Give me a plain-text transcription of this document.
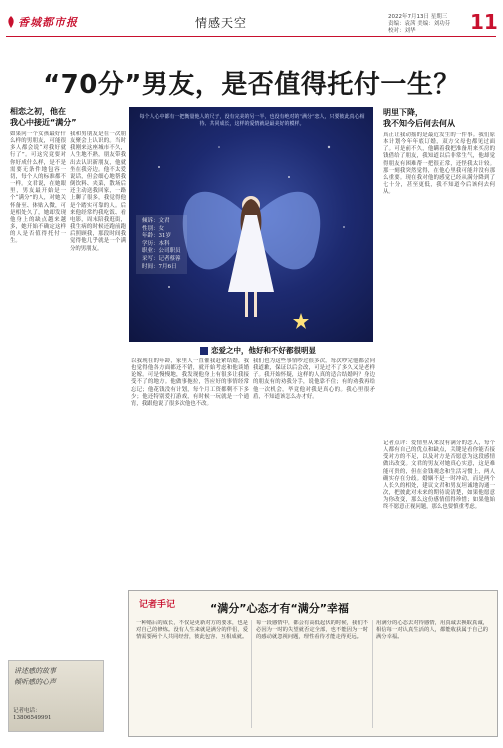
香城都市报	情感天空	2022年7月13日 星期三
责编：袁茜 美编：刘功芬
校对：刘华	11
“70分”男友，是否值得托付一生？
相恋之初，他在
我心中接近“满分”
如果问一个女孩最好什么样的男朋友，可能很多人都会说“对我好就行了”。可这究竟要对你好成什么样，是不是需要无条件地包容一切，每个人的标准都不一样。文君说，在她眼里，男友最开始是一个“满分”的人，对她关怀备至、体贴入微，可是相处久了，她却发现他身上的缺点越来越多，她开始不确定这样的人是否值得托付一生。
我和男朋友是在一次朋友聚会上认识的。当时我刚来这座城市不久，人生地不熟，朋友带我出去认识新朋友，他就坐在我旁边。他不太爱说话，但会细心地帮我倒饮料、夹菜，散场后还主动送我回家，一路上聊了很多，我觉得他是个踏实可靠的人。后来他经常约我吃饭、看电影，周末陪我逛街，我生病的时候还跑前跑后照顾我，那段时间我觉得他几乎就是一个满分的男朋友。
每个人心中都有一把衡量他人的尺子，没有完美的另一半，也没有绝对的“满分”恋人，只要彼此真心相待、共同成长，这样的爱情就是最美好的模样。
倾诉：文君
性别：女
年龄：31岁
学历：本科
职业：公司职员
采写：记者蔡蓉
时间：7月6日
明里下降，
我不知今后何去何从
真正让我动摇的是最近发生的一件事。我们原本计划今年年底订婚，双方父母也都见过面了。可是前不久，他瞒着我把准备用来买房的钱借给了朋友，我知道以后非常生气，他却觉得朋友有困难帮一把很正常，还怪我太计较。那一刻我突然觉得，在他心里我可能并没有那么重要。现在我对他的感觉已经从满分降到了七十分，甚至更低，我不知道今后该何去何从。
恋爱之中，他好和不好都很明显
以我现在的年龄，家里人一直催我赶紧结婚，我也觉得他各方面都还不错，就开始考虑和他谈婚论嫁。可是慢慢地，我发现他身上有很多让我接受不了的地方。他做事拖拉，答应好的事情经常忘记；他花钱没有计划，每个月工资都剩不下多少；他还特别爱打游戏，有时候一玩就是一个通宵，我跟他说了很多次他也不改。
我们也为这些事情吵过很多次，每次吵完他都会向我道歉，保证以后会改，可是过不了多久又是老样子。我开始怀疑，这样的人真的适合结婚吗？身边的朋友有的劝我分手，说他靠不住；有的劝我再给他一次机会，毕竟他对我是真心的。我心里很矛盾，不知道该怎么办才好。
记者点评：爱情里从来没有满分的恋人，每个人都有自己的优点和缺点，关键是看你能否接受对方的不足，以及对方是否愿意为这段感情做出改变。文君的男友对她真心实意，这是难能可贵的，但在金钱观念和生活习惯上，两人确实存在分歧。婚姻不是一时冲动，而是两个人长久的相处，建议文君和男友坦诚地沟通一次，把彼此对未来的期待说清楚，如果他愿意为你改变，那么这份感情值得珍惜；如果他始终不愿意正视问题，那么也要慎重考虑。
讲述感的故事
倾听感的心声
记者电话：
13806549991
记者手记	“满分”心态才有“满分”幸福
一种婚后的成长，不仅是更新对方的要求，也是对自己的修炼。没有人生来就是满分的伴侣，爱情需要两个人共同经营，彼此包容、互相成就。
每一段感情中，都会有高低起伏的时候，我们不必因为一时的失望就否定全部，也不能因为一时的感动就忽视问题，理性看待才能走得更远。
用满分的心态去对待感情，用真诚去换取真诚，相信每一对认真生活的人，都能收获属于自己的满分幸福。
